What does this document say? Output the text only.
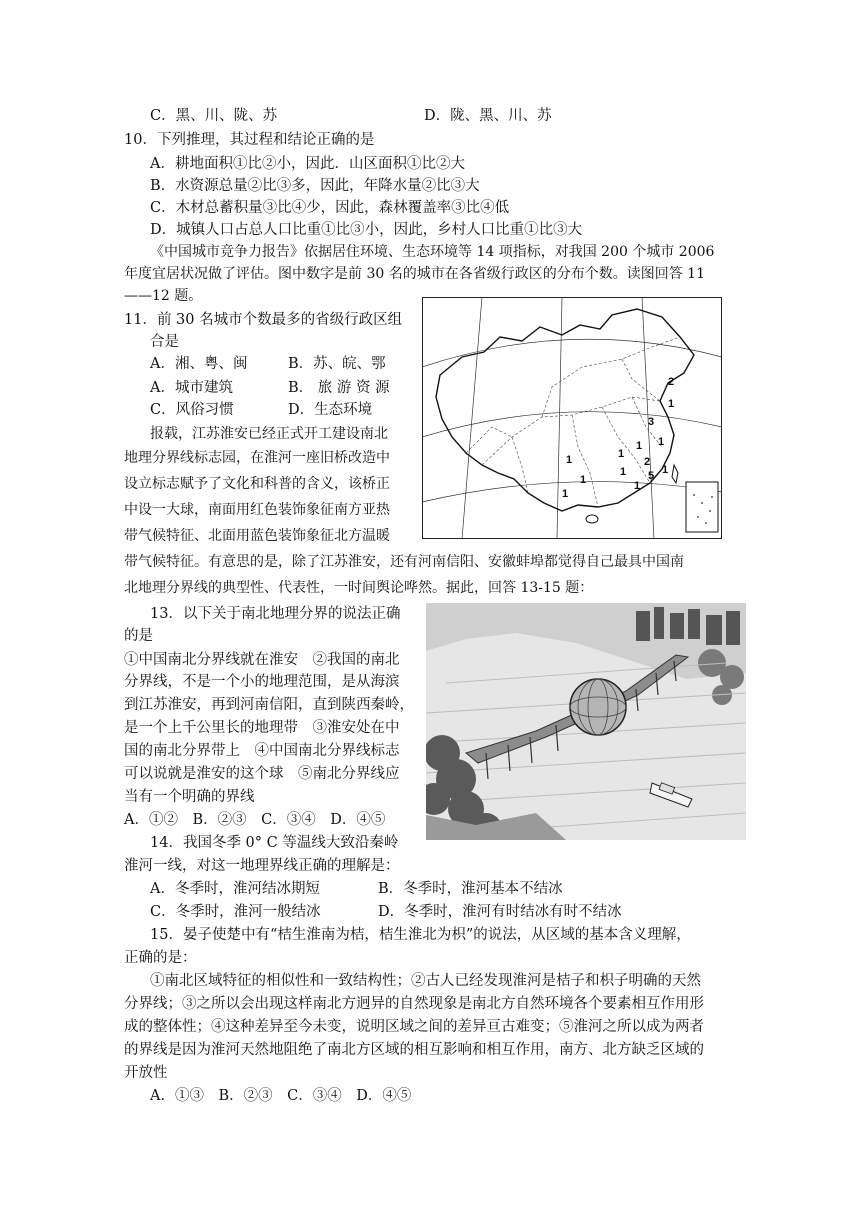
C．黑、川、陇、苏	D．陇、黑、川、苏
10．下列推理，其过程和结论正确的是
A．耕地面积①比②小，因此．山区面积①比②大
B．水资源总量②比③多，因此，年降水量②比③大
C．木材总蓄积量③比④少，因此，森林覆盖率③比④低
D．城镇人口占总人口比重①比③小，因此，乡村人口比重①比③大
《中国城市竞争力报告》依据居住环境、生态环境等 14 项指标，对我国 200 个城市 2006
年度宜居状况做了评估。图中数字是前 30 名的城市在各省级行政区的分布个数。读图回答 11
——12 题。
11．前 30 名城市个数最多的省级行政区组
合是
A．湘、粤、闽	B．苏、皖、鄂
A．城市建筑	B． 旅 游 资 源
C．风俗习惯	D．生态环境
报载，江苏淮安已经正式开工建设南北
地理分界线标志园，在淮河一座旧桥改造中
设立标志赋予了文化和科普的含义，该桥正
中设一大球，南面用红色装饰象征南方亚热
带气候特征、北面用蓝色装饰象征北方温暖
带气候特征。有意思的是，除了江苏淮安，还有河南信阳、安徽蚌埠都觉得自己最具中国南
北地理分界线的典型性、代表性，一时间舆论哗然。据此，回答 13-15 题：
13．以下关于南北地理分界的说法正确
的是
①中国南北分界线就在淮安　②我国的南北
分界线，不是一个小的地理范围，是从海滨
到江苏淮安，再到河南信阳，直到陕西秦岭，
是一个上千公里长的地理带　③淮安处在中
国的南北分界带上　④中国南北分界线标志
可以说就是淮安的这个球　⑤南北分界线应
当有一个明确的界线
A．①②　B．②③　C．③④　D．④⑤
14．我国冬季 0° C 等温线大致沿秦岭
淮河一线，对这一地理界线正确的理解是：
A．冬季时，淮河结冰期短	B．冬季时，淮河基本不结冰
C．冬季时，淮河一般结冰	D．冬季时，淮河有时结冰有时不结冰
15．晏子使楚中有“桔生淮南为桔，桔生淮北为枳”的说法，从区域的基本含义理解，
正确的是：
①南北区域特征的相似性和一致结构性；②古人已经发现淮河是桔子和枳子明确的天然
分界线；③之所以会出现这样南北方迥异的自然现象是南北方自然环境各个要素相互作用形
成的整体性；④这种差异至今未变，说明区域之间的差异亘古难变；⑤淮河之所以成为两者
的界线是因为淮河天然地阻绝了南北方区域的相互影响和相互作用，南方、北方缺乏区域的
开放性
A．①③　B．②③　C．③④　D．④⑤
2
3
1
1
1
2
5 1
1
1
1
1
1
1
